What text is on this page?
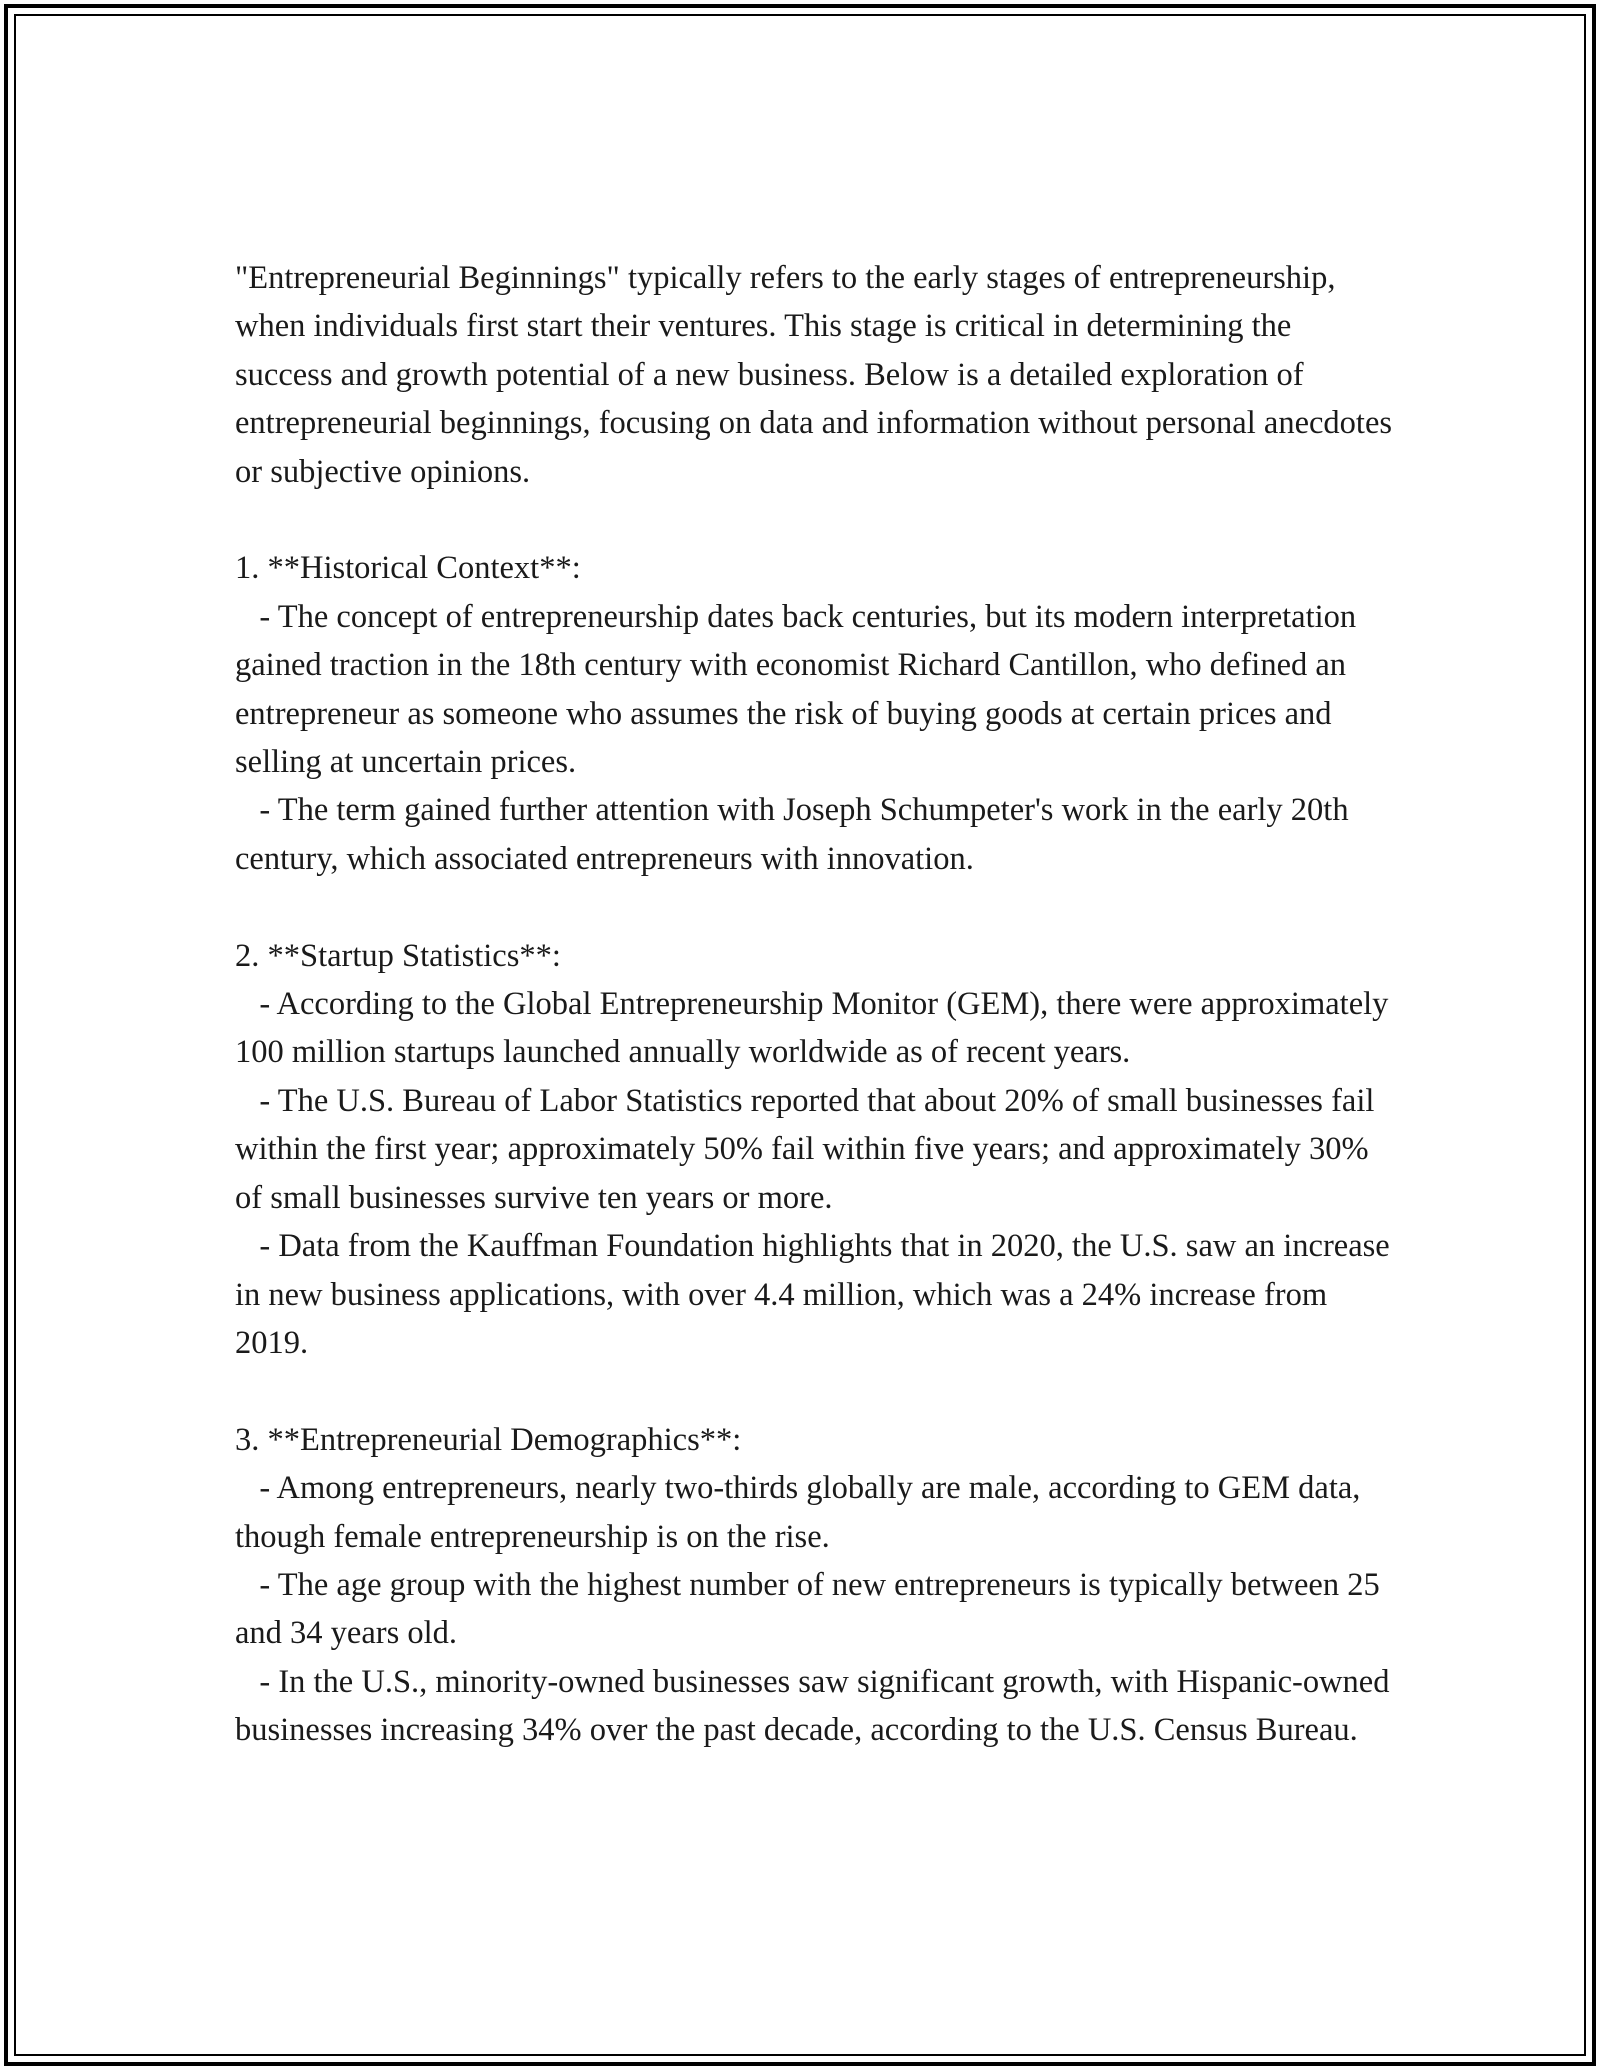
"Entrepreneurial Beginnings" typically refers to the early stages of entrepreneurship, when individuals first start their ventures. This stage is critical in determining the success and growth potential of a new business. Below is a detailed exploration of entrepreneurial beginnings, focusing on data and information without personal anecdotes or subjective opinions.

1. **Historical Context**:

- The concept of entrepreneurship dates back centuries, but its modern interpretation gained traction in the 18th century with economist Richard Cantillon, who defined an entrepreneur as someone who assumes the risk of buying goods at certain prices and selling at uncertain prices.

- The term gained further attention with Joseph Schumpeter's work in the early 20th century, which associated entrepreneurs with innovation.

2. **Startup Statistics**:

- According to the Global Entrepreneurship Monitor (GEM), there were approximately 100 million startups launched annually worldwide as of recent years.

- The U.S. Bureau of Labor Statistics reported that about 20% of small businesses fail within the first year; approximately 50% fail within five years; and approximately 30% of small businesses survive ten years or more.

- Data from the Kauffman Foundation highlights that in 2020, the U.S. saw an increase in new business applications, with over 4.4 million, which was a 24% increase from 2019.

3. **Entrepreneurial Demographics**:

- Among entrepreneurs, nearly two-thirds globally are male, according to GEM data, though female entrepreneurship is on the rise.

- The age group with the highest number of new entrepreneurs is typically between 25 and 34 years old.

- In the U.S., minority-owned businesses saw significant growth, with Hispanic-owned businesses increasing 34% over the past decade, according to the U.S. Census Bureau.
